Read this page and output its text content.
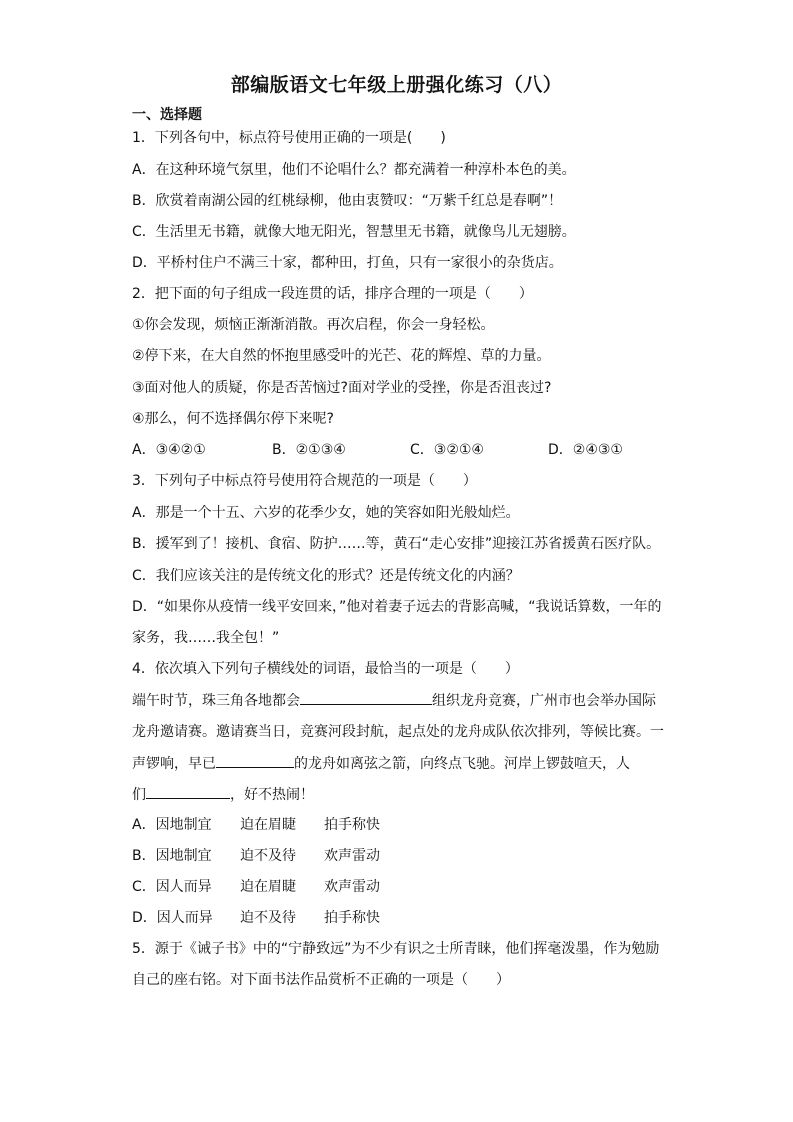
部编版语文七年级上册强化练习（八）
一、选择题
1．下列各句中，标点符号使用正确的一项是(　　)
A．在这种环境气氛里，他们不论唱什么？都充满着一种淳朴本色的美。
B．欣赏着南湖公园的红桃绿柳，他由衷赞叹：“万紫千红总是春啊”！
C．生活里无书籍，就像大地无阳光，智慧里无书籍，就像鸟儿无翅膀。
D．平桥村住户不满三十家，都种田，打鱼，只有一家很小的杂货店。
2．把下面的句子组成一段连贯的话，排序合理的一项是（　　）
①你会发现，烦恼正渐渐消散。再次启程，你会一身轻松。
②停下来，在大自然的怀抱里感受叶的光芒、花的辉煌、草的力量。
③面对他人的质疑，你是否苦恼过?面对学业的受挫，你是否沮丧过?
④那么，何不选择偶尔停下来呢?
A．③④②①	B．②①③④	C．③②①④	D．②④③①
3．下列句子中标点符号使用符合规范的一项是（　　）
A．那是一个十五、六岁的花季少女，她的笑容如阳光般灿烂。
B．援军到了！接机、食宿、防护……等，黄石“走心安排”迎接江苏省援黄石医疗队。
C．我们应该关注的是传统文化的形式？还是传统文化的内涵？
D．“如果你从疫情一线平安回来，”他对着妻子远去的背影高喊，“我说话算数，一年的
家务，我……我全包！”
4．依次填入下列句子横线处的词语，最恰当的一项是（　　）
端午时节，珠三角各地都会	组织龙舟竞赛，广州市也会举办国际
龙舟邀请赛。邀请赛当日，竞赛河段封航，起点处的龙舟成队依次排列，等候比赛。一
声锣响，早已	的龙舟如离弦之箭，向终点飞驰。河岸上锣鼓喧天，人
们	，好不热闹！
A．因地制宜 迫在眉睫 拍手称快
B．因地制宜 迫不及待 欢声雷动
C．因人而异 迫在眉睫 欢声雷动
D．因人而异 迫不及待 拍手称快
5．源于《诫子书》中的“宁静致远”为不少有识之士所青睐，他们挥毫泼墨，作为勉励
自己的座右铭。对下面书法作品赏析不正确的一项是（　　）
